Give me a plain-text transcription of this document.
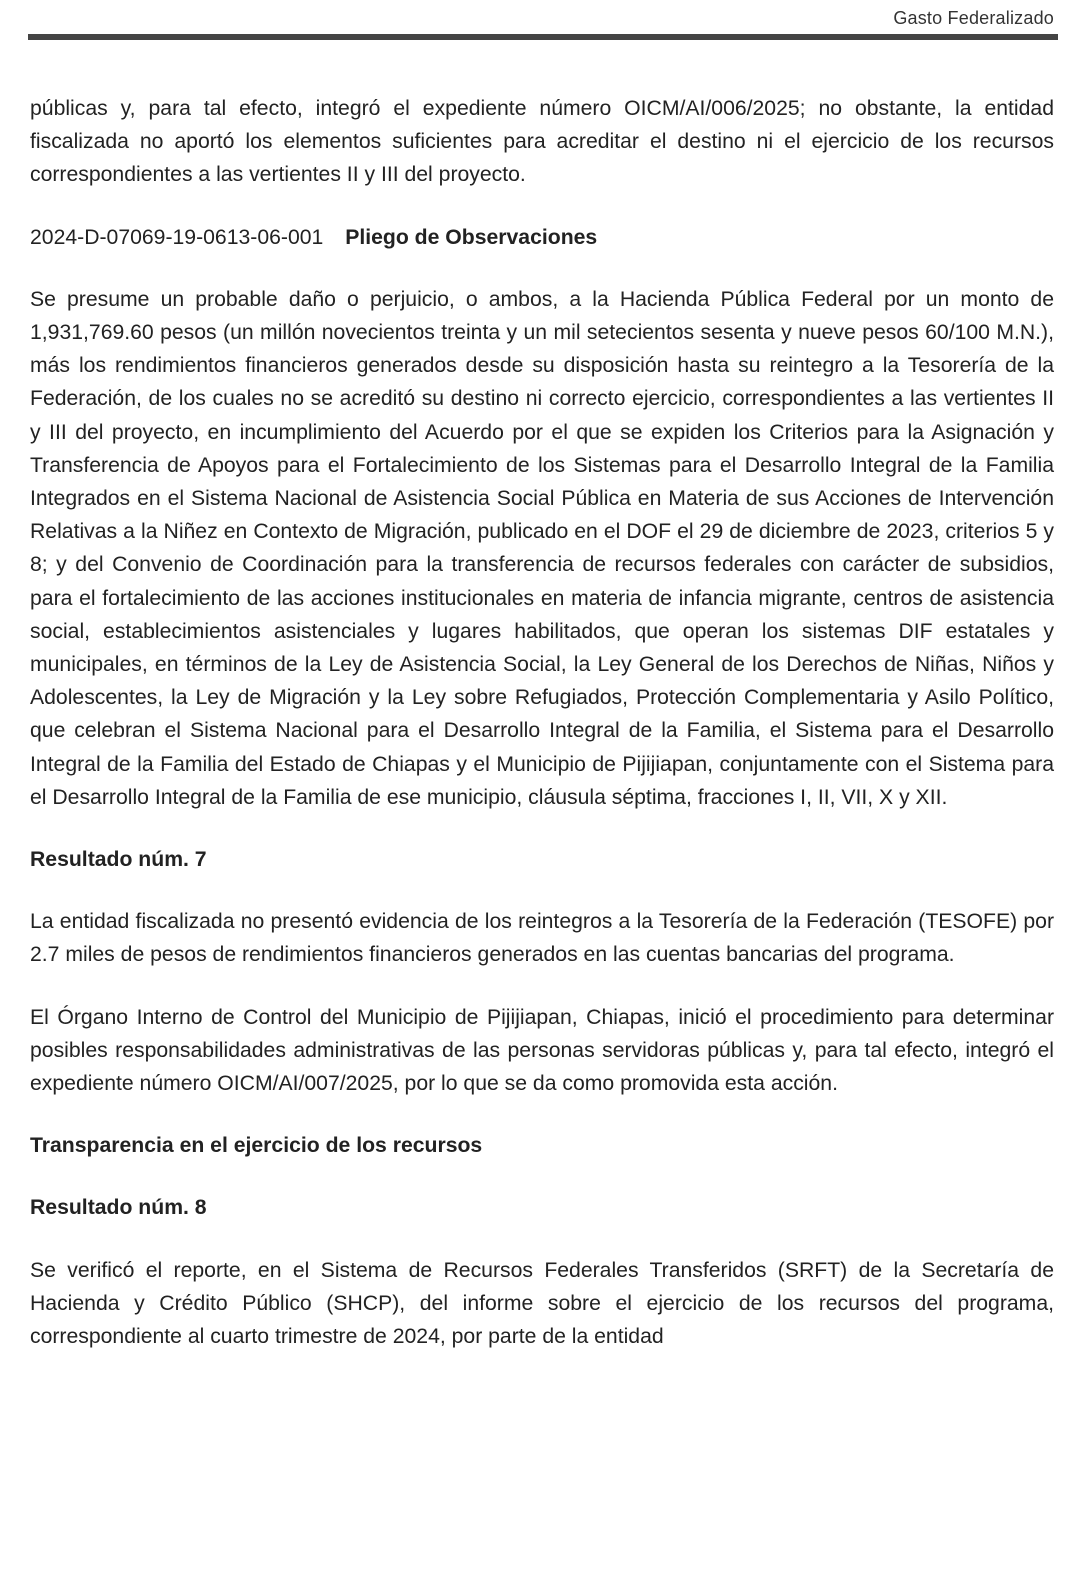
Gasto Federalizado

públicas y, para tal efecto, integró el expediente número OICM/AI/006/2025; no obstante, la entidad fiscalizada no aportó los elementos suficientes para acreditar el destino ni el ejercicio de los recursos correspondientes a las vertientes II y III del proyecto.

2024-D-07069-19-0613-06-001 Pliego de Observaciones

Se presume un probable daño o perjuicio, o ambos, a la Hacienda Pública Federal por un monto de 1,931,769.60 pesos (un millón novecientos treinta y un mil setecientos sesenta y nueve pesos 60/100 M.N.), más los rendimientos financieros generados desde su disposición hasta su reintegro a la Tesorería de la Federación, de los cuales no se acreditó su destino ni correcto ejercicio, correspondientes a las vertientes II y III del proyecto, en incumplimiento del Acuerdo por el que se expiden los Criterios para la Asignación y Transferencia de Apoyos para el Fortalecimiento de los Sistemas para el Desarrollo Integral de la Familia Integrados en el Sistema Nacional de Asistencia Social Pública en Materia de sus Acciones de Intervención Relativas a la Niñez en Contexto de Migración, publicado en el DOF el 29 de diciembre de 2023, criterios 5 y 8; y del Convenio de Coordinación para la transferencia de recursos federales con carácter de subsidios, para el fortalecimiento de las acciones institucionales en materia de infancia migrante, centros de asistencia social, establecimientos asistenciales y lugares habilitados, que operan los sistemas DIF estatales y municipales, en términos de la Ley de Asistencia Social, la Ley General de los Derechos de Niñas, Niños y Adolescentes, la Ley de Migración y la Ley sobre Refugiados, Protección Complementaria y Asilo Político, que celebran el Sistema Nacional para el Desarrollo Integral de la Familia, el Sistema para el Desarrollo Integral de la Familia del Estado de Chiapas y el Municipio de Pijijiapan, conjuntamente con el Sistema para el Desarrollo Integral de la Familia de ese municipio, cláusula séptima, fracciones I, II, VII, X y XII.

Resultado núm. 7

La entidad fiscalizada no presentó evidencia de los reintegros a la Tesorería de la Federación (TESOFE) por 2.7 miles de pesos de rendimientos financieros generados en las cuentas bancarias del programa.

El Órgano Interno de Control del Municipio de Pijijiapan, Chiapas, inició el procedimiento para determinar posibles responsabilidades administrativas de las personas servidoras públicas y, para tal efecto, integró el expediente número OICM/AI/007/2025, por lo que se da como promovida esta acción.

Transparencia en el ejercicio de los recursos

Resultado núm. 8

Se verificó el reporte, en el Sistema de Recursos Federales Transferidos (SRFT) de la Secretaría de Hacienda y Crédito Público (SHCP), del informe sobre el ejercicio de los recursos del programa, correspondiente al cuarto trimestre de 2024, por parte de la entidad
